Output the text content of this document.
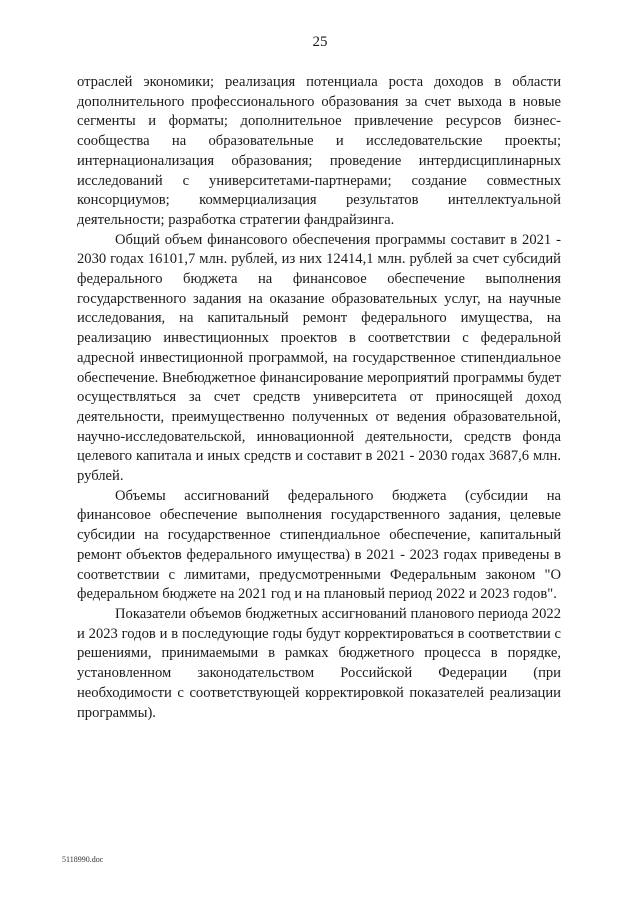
25

отраслей экономики; реализация потенциала роста доходов в области дополнительного профессионального образования за счет выхода в новые сегменты и форматы; дополнительное привлечение ресурсов бизнес-сообщества на образовательные и исследовательские проекты; интернационализация образования; проведение интердисциплинарных исследований с университетами-партнерами; создание совместных консорциумов; коммерциализация результатов интеллектуальной деятельности; разработка стратегии фандрайзинга.

Общий объем финансового обеспечения программы составит в 2021 - 2030 годах 16101,7 млн. рублей, из них 12414,1 млн. рублей за счет субсидий федерального бюджета на финансовое обеспечение выполнения государственного задания на оказание образовательных услуг, на научные исследования, на капитальный ремонт федерального имущества, на реализацию инвестиционных проектов в соответствии с федеральной адресной инвестиционной программой, на государственное стипендиальное обеспечение. Внебюджетное финансирование мероприятий программы будет осуществляться за счет средств университета от приносящей доход деятельности, преимущественно полученных от ведения образовательной, научно-исследовательской, инновационной деятельности, средств фонда целевого капитала и иных средств и составит в 2021 - 2030 годах 3687,6 млн. рублей.

Объемы ассигнований федерального бюджета (субсидии на финансовое обеспечение выполнения государственного задания, целевые субсидии на государственное стипендиальное обеспечение, капитальный ремонт объектов федерального имущества) в 2021 - 2023 годах приведены в соответствии с лимитами, предусмотренными Федеральным законом "О федеральном бюджете на 2021 год и на плановый период 2022 и 2023 годов".

Показатели объемов бюджетных ассигнований планового периода 2022 и 2023 годов и в последующие годы будут корректироваться в соответствии с решениями, принимаемыми в рамках бюджетного процесса в порядке, установленном законодательством Российской Федерации (при необходимости с соответствующей корректировкой показателей реализации программы).

5118990.doc
